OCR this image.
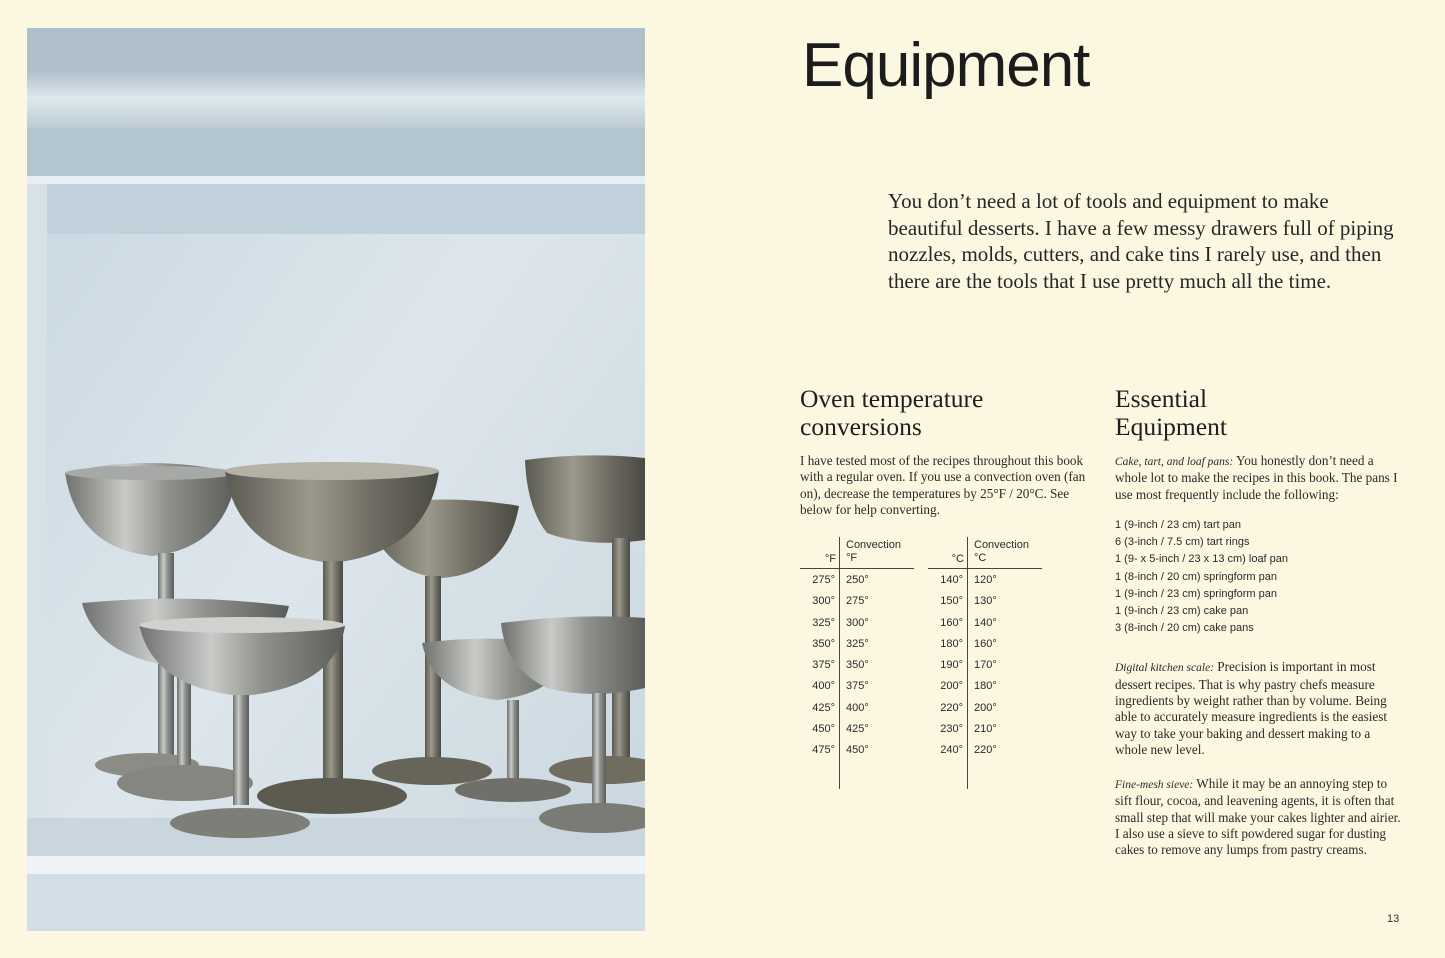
Equipment

You don’t need a lot of tools and equipment to make beautiful desserts. I have a few messy drawers full of piping nozzles, molds, cutters, and cake tins I rarely use, and then there are the tools that I use pretty much all the time.

Oven temperature
conversions

I have tested most of the recipes throughout this book with a regular oven. If you use a convection oven (fan on), decrease the temperatures by 25°F / 20°C. See below for help converting.

°F
Convection
°F
275° 250°
300° 275°
325° 300°
350° 325°
375° 350°
400° 375°
425° 400°
450° 425°
475° 450°
°C
Convection
°C
140° 120°
150° 130°
160° 140°
180° 160°
190° 170°
200° 180°
220° 200°
230° 210°
240° 220°
Essential
Equipment

Cake, tart, and loaf pans: You honestly don’t need a whole lot to make the recipes in this book. The pans I use most frequently include the following:

1 (9-inch / 23 cm) tart pan
6 (3-inch / 7.5 cm) tart rings
1 (9- x 5-inch / 23 x 13 cm) loaf pan
1 (8-inch / 20 cm) springform pan
1 (9-inch / 23 cm) springform pan
1 (9-inch / 23 cm) cake pan
3 (8-inch / 20 cm) cake pans

Digital kitchen scale: Precision is important in most dessert recipes. That is why pastry chefs measure ingredients by weight rather than by volume. Being able to accurately measure ingredients is the easiest way to take your baking and dessert making to a whole new level.

Fine-mesh sieve: While it may be an annoying step to sift flour, cocoa, and leavening agents, it is often that small step that will make your cakes lighter and airier. I also use a sieve to sift powdered sugar for dusting cakes to remove any lumps from pastry creams.

13
